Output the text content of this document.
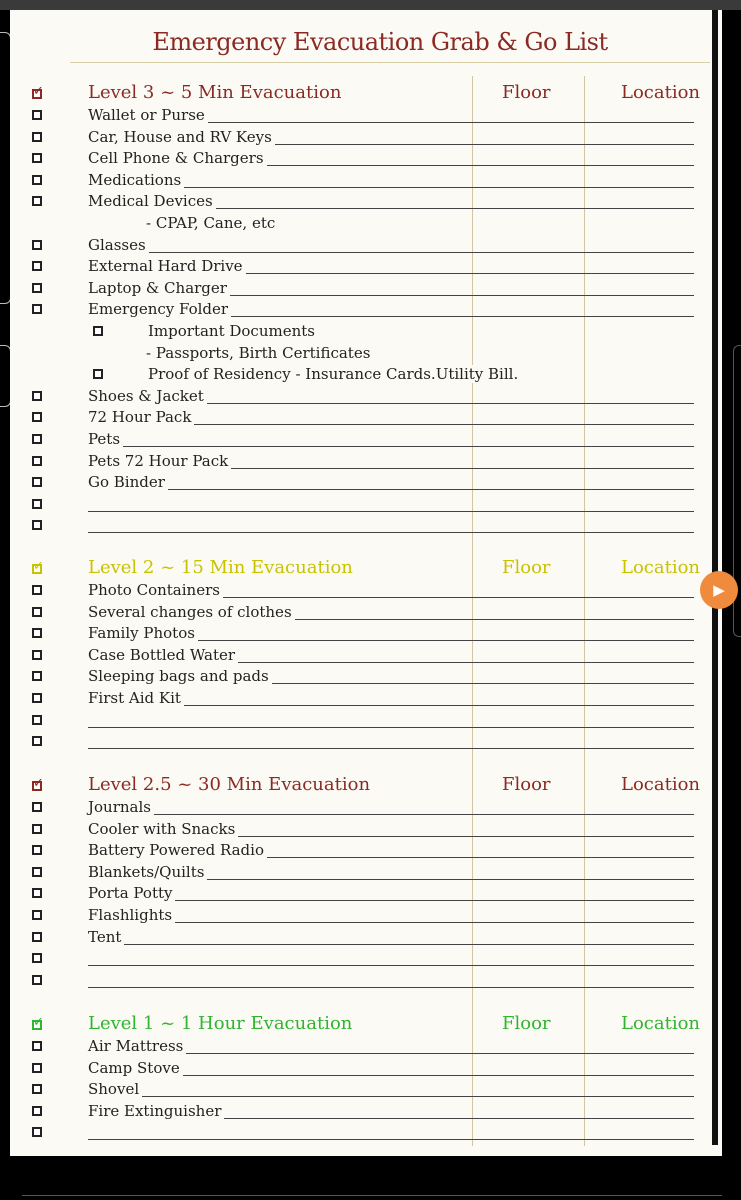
Emergency Evacuation Grab & Go List
✓
Level 3 ~ 5 Min Evacuation	Floor	Location
Wallet or Purse
Car, House and RV Keys
Cell Phone & Chargers
Medications
Medical Devices
- CPAP, Cane, etc
Glasses
External Hard Drive
Laptop & Charger
Emergency Folder
Important Documents
- Passports, Birth Certificates
Proof of Residency - Insurance Cards.Utility Bill.
Shoes & Jacket
72 Hour Pack
Pets
Pets 72 Hour Pack
Go Binder
✓
Level 2 ~ 15 Min Evacuation	Floor	Location
Photo Containers
Several changes of clothes
Family Photos
Case Bottled Water
Sleeping bags and pads
First Aid Kit
✓
Level 2.5 ~ 30 Min Evacuation	Floor	Location
Journals
Cooler with Snacks
Battery Powered Radio
Blankets/Quilts
Porta Potty
Flashlights
Tent
✓
Level 1 ~ 1 Hour Evacuation	Floor	Location
Air Mattress
Camp Stove
Shovel
Fire Extinguisher
▶
